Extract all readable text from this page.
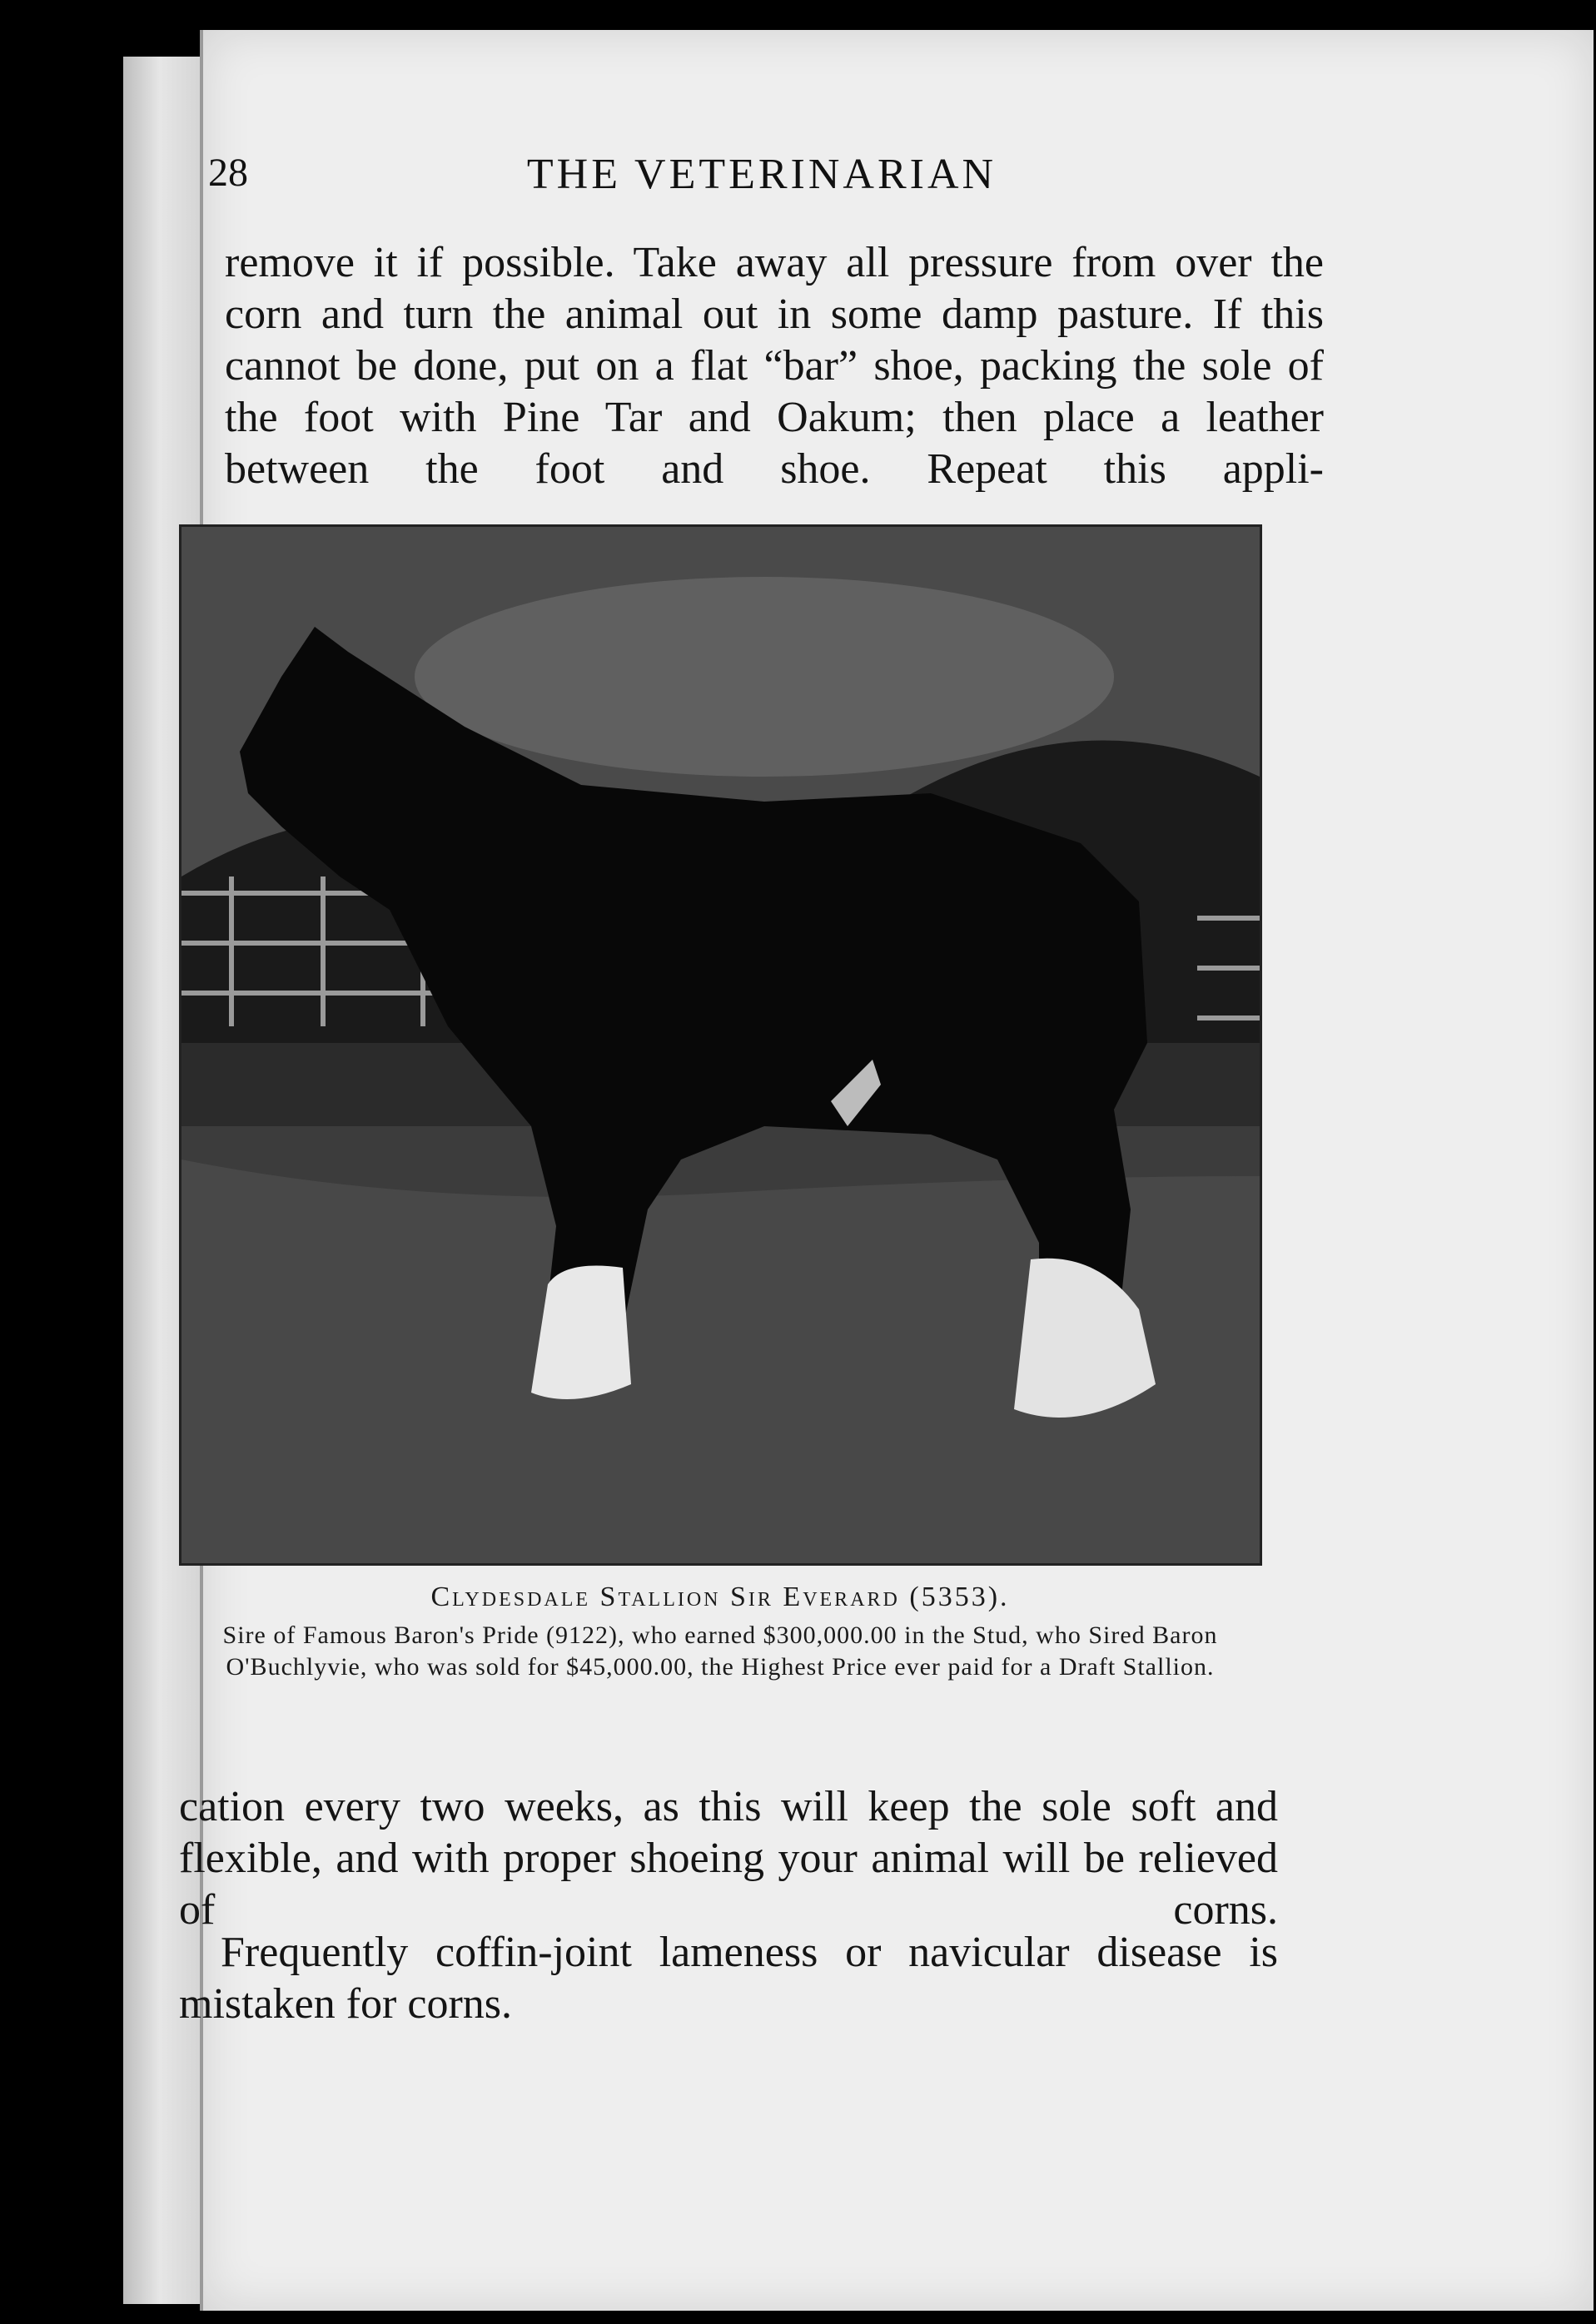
28	THE VETERINARIAN

remove it if possible. Take away all pressure from over the corn and turn the animal out in some damp pasture. If this cannot be done, put on a flat “bar” shoe, packing the sole of the foot with Pine Tar and Oakum; then place a leather between the foot and shoe. Repeat this appli-

Clydesdale Stallion Sir Everard (5353).
Sire of Famous Baron's Pride (9122), who earned $300,000.00 in the Stud, who Sired Baron O'Buchlyvie, who was sold for $45,000.00, the Highest Price ever paid for a Draft Stallion.

cation every two weeks, as this will keep the sole soft and flexible, and with proper shoeing your animal will be relieved of corns.

Frequently coffin-joint lameness or navicular disease is mistaken for corns.
